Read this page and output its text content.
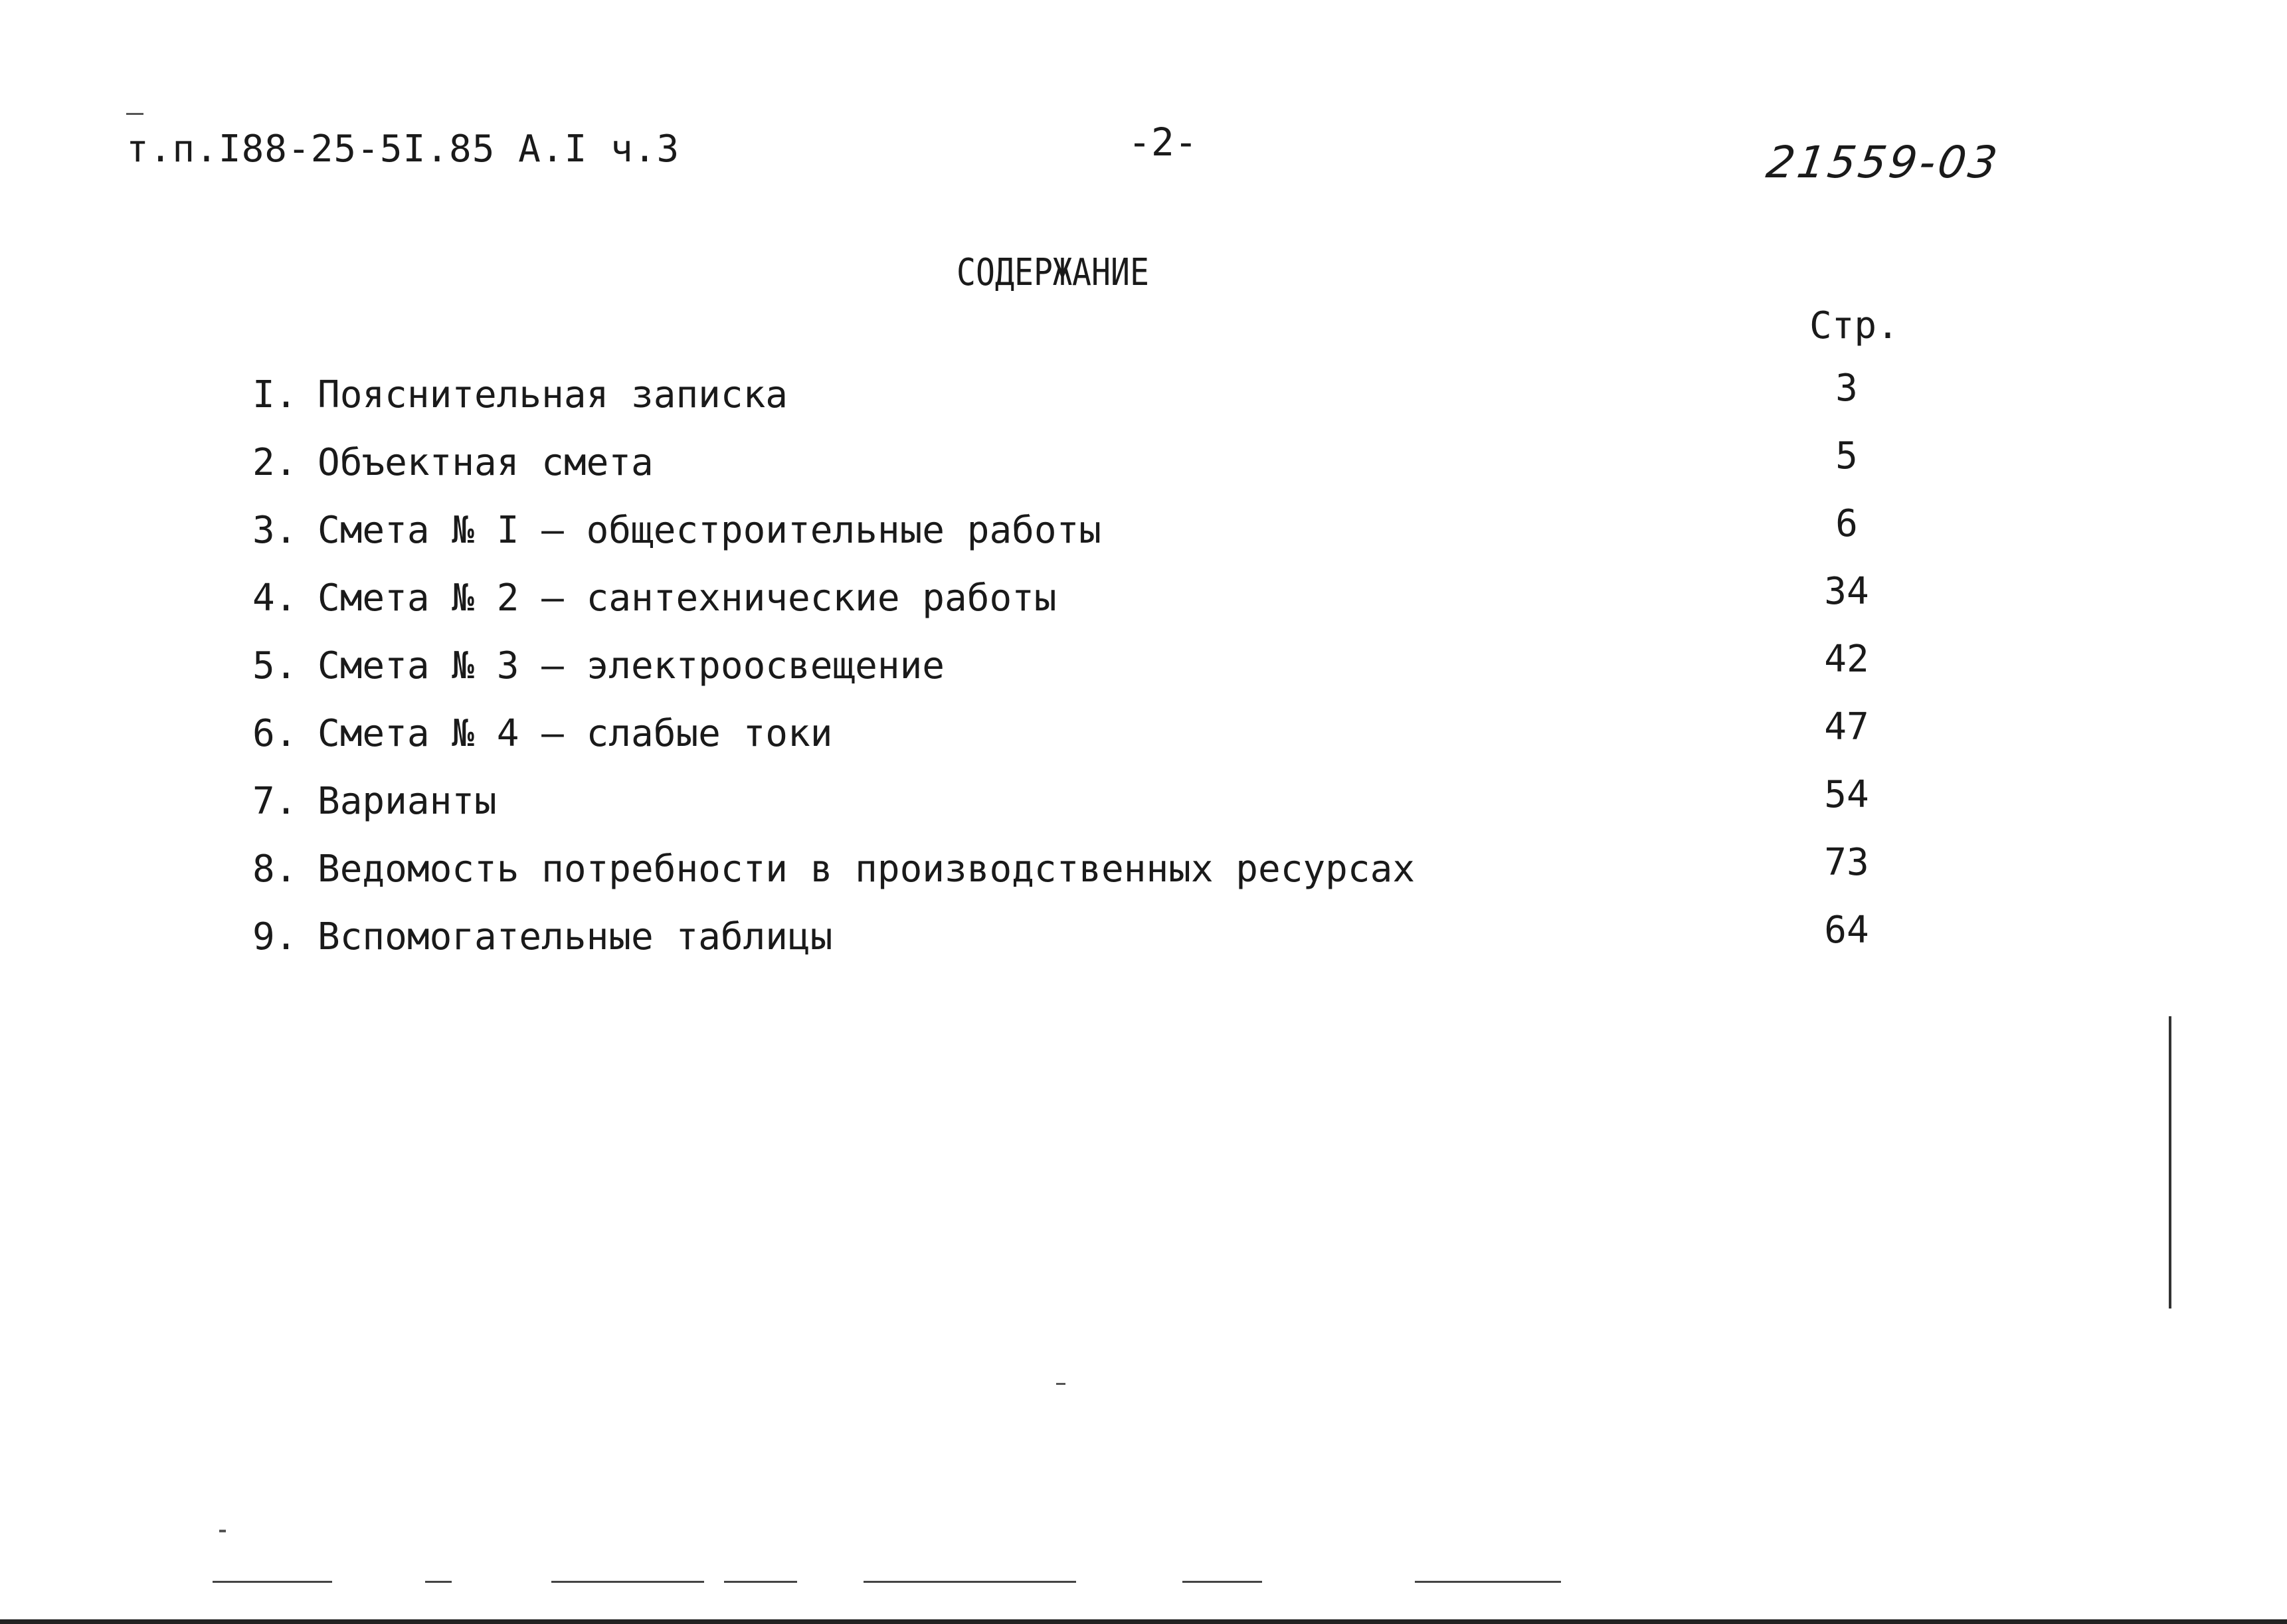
т.п.I88-25-5I.85 А.I ч.3	-2-	21559-03
СОДЕРЖАНИЕ
Стр.
I. Пояснительная записка	3
2. Объектная смета	5
3. Смета № I – общестроительные работы	6
4. Смета № 2 – сантехнические работы	34
5. Смета № 3 – электроосвещение	42
6. Смета № 4 – слабые токи	47
7. Варианты	54
8. Ведомость потребности в производственных ресурсах	73
9. Вспомогательные таблицы	64
